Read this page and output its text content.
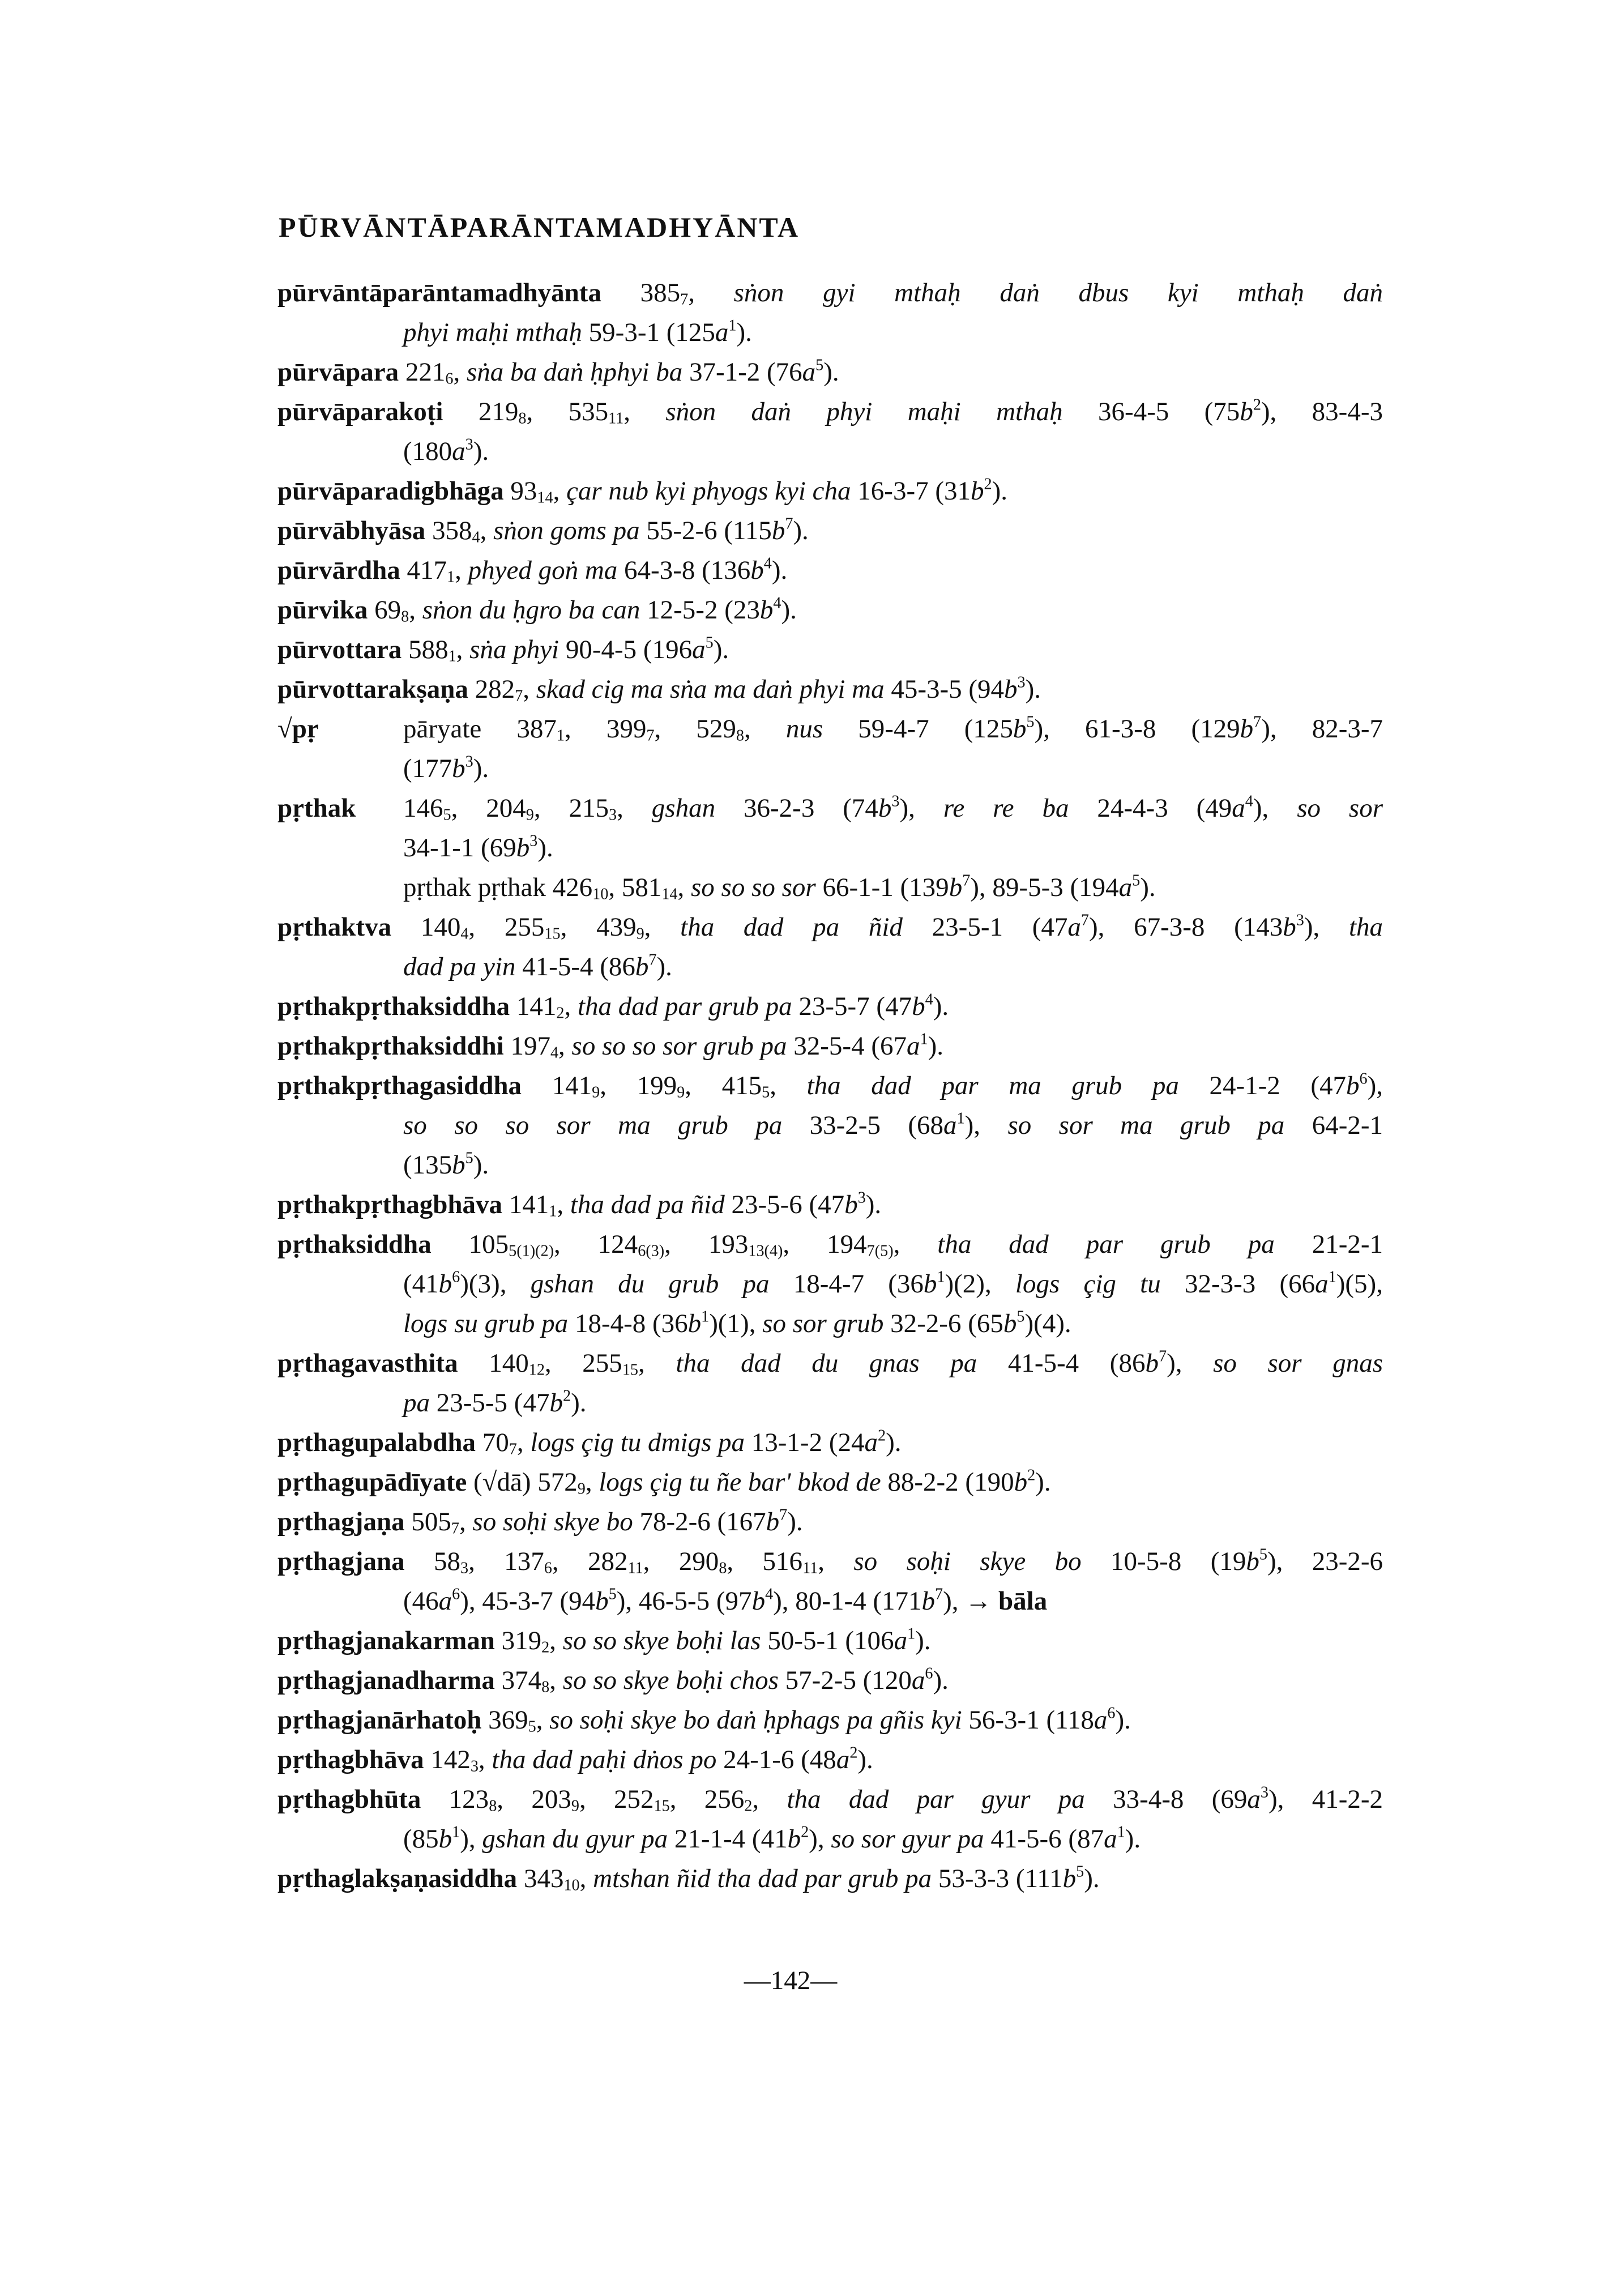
PŪRVĀNTĀPARĀNTAMADHYĀNTA
pūrvāntāparāntamadhyānta 3857, sṅon gyi mthaḥ daṅ dbus kyi mthaḥ daṅ
phyi maḥi mthaḥ 59-3-1 $(125a^1)$.
pūrvāpara 2216, sṅa ba daṅ ḥphyi ba 37-1-2 $(76a^5)$.
pūrvāparakoṭi 2198, 53511, sṅon daṅ phyi maḥi mthaḥ 36-4-5 $(75b^2)$, 83-4-3
$(180a^3)$.
pūrvāparadigbhāga 9314, çar nub kyi phyogs kyi cha 16-3-7 $(31b^2)$.
pūrvābhyāsa 3584, sṅon goms pa 55-2-6 $(115b^7)$.
pūrvārdha 4171, phyed goṅ ma 64-3-8 $(136b^4)$.
pūrvika 698, sṅon du ḥgro ba can 12-5-2 $(23b^4)$.
pūrvottara 5881, sṅa phyi 90-4-5 $(196a^5)$.
pūrvottarakṣaṇa 2827, skad cig ma sṅa ma daṅ phyi ma 45-3-5 $(94b^3)$.
√pṛ	pāryate 3871, 3997, 5298, nus 59-4-7 $(125b^5)$, 61-3-8 $(129b^7)$, 82-3-7
$(177b^3)$.
pṛthak 1465, 2049, 2153, gshan 36-2-3 $(74b^3)$, re re ba 24-4-3 $(49a^4)$, so sor
34-1-1 $(69b^3)$.
pṛthak pṛthak 42610, 58114, so so so sor 66-1-1 $(139b^7)$, 89-5-3 $(194a^5)$.
pṛthaktva 1404, 25515, 4399, tha dad pa ñid 23-5-1 $(47a^7)$, 67-3-8 $(143b^3)$, tha
dad pa yin 41-5-4 $(86b^7)$.
pṛthakpṛthaksiddha 1412, tha dad par grub pa 23-5-7 $(47b^4)$.
pṛthakpṛthaksiddhi 1974, so so so sor grub pa 32-5-4 $(67a^1)$.
pṛthakpṛthagasiddha 1419, 1999, 4155, tha dad par ma grub pa 24-1-2 $(47b^6)$,
so so so sor ma grub pa 33-2-5 $(68a^1)$, so sor ma grub pa 64-2-1
$(135b^5)$.
pṛthakpṛthagbhāva 1411, tha dad pa ñid 23-5-6 $(47b^3)$.
pṛthaksiddha 1055(1)(2), 1246(3), 19313(4), 1947(5), tha dad par grub pa 21-2-1
$(41b^6)(3)$, gshan du grub pa 18-4-7 $(36b^1)(2)$, logs çig tu 32-3-3 $(66a^1)(5)$,
logs su grub pa 18-4-8 $(36b^1)(1)$, so sor grub 32-2-6 $(65b^5)(4)$.
pṛthagavasthita 14012, 25515, tha dad du gnas pa 41-5-4 $(86b^7)$, so sor gnas
pa 23-5-5 $(47b^2)$.
pṛthagupalabdha 707, logs çig tu dmigs pa 13-1-2 $(24a^2)$.
pṛthagupādīyate (√dā) 5729, logs çig tu ñe bar' bkod de 88-2-2 $(190b^2)$.
pṛthagjaṇa 5057, so soḥi skye bo 78-2-6 $(167b^7)$.
pṛthagjana 583, 1376, 28211, 2908, 51611, so soḥi skye bo 10-5-8 $(19b^5)$, 23-2-6
$(46a^6)$, 45-3-7 $(94b^5)$, 46-5-5 $(97b^4)$, 80-1-4 $(171b^7)$, → bāla
pṛthagjanakarman 3192, so so skye boḥi las 50-5-1 $(106a^1)$.
pṛthagjanadharma 3748, so so skye boḥi chos 57-2-5 $(120a^6)$.
pṛthagjanārhatoḥ 3695, so soḥi skye bo daṅ ḥphags pa gñis kyi 56-3-1 $(118a^6)$.
pṛthagbhāva 1423, tha dad paḥi dṅos po 24-1-6 $(48a^2)$.
pṛthagbhūta 1238, 2039, 25215, 2562, tha dad par gyur pa 33-4-8 $(69a^3)$, 41-2-2
$(85b^1)$, gshan du gyur pa 21-1-4 $(41b^2)$, so sor gyur pa 41-5-6 $(87a^1)$.
pṛthaglakṣaṇasiddha 34310, mtshan ñid tha dad par grub pa 53-3-3 $(111b^5)$.
—142—
